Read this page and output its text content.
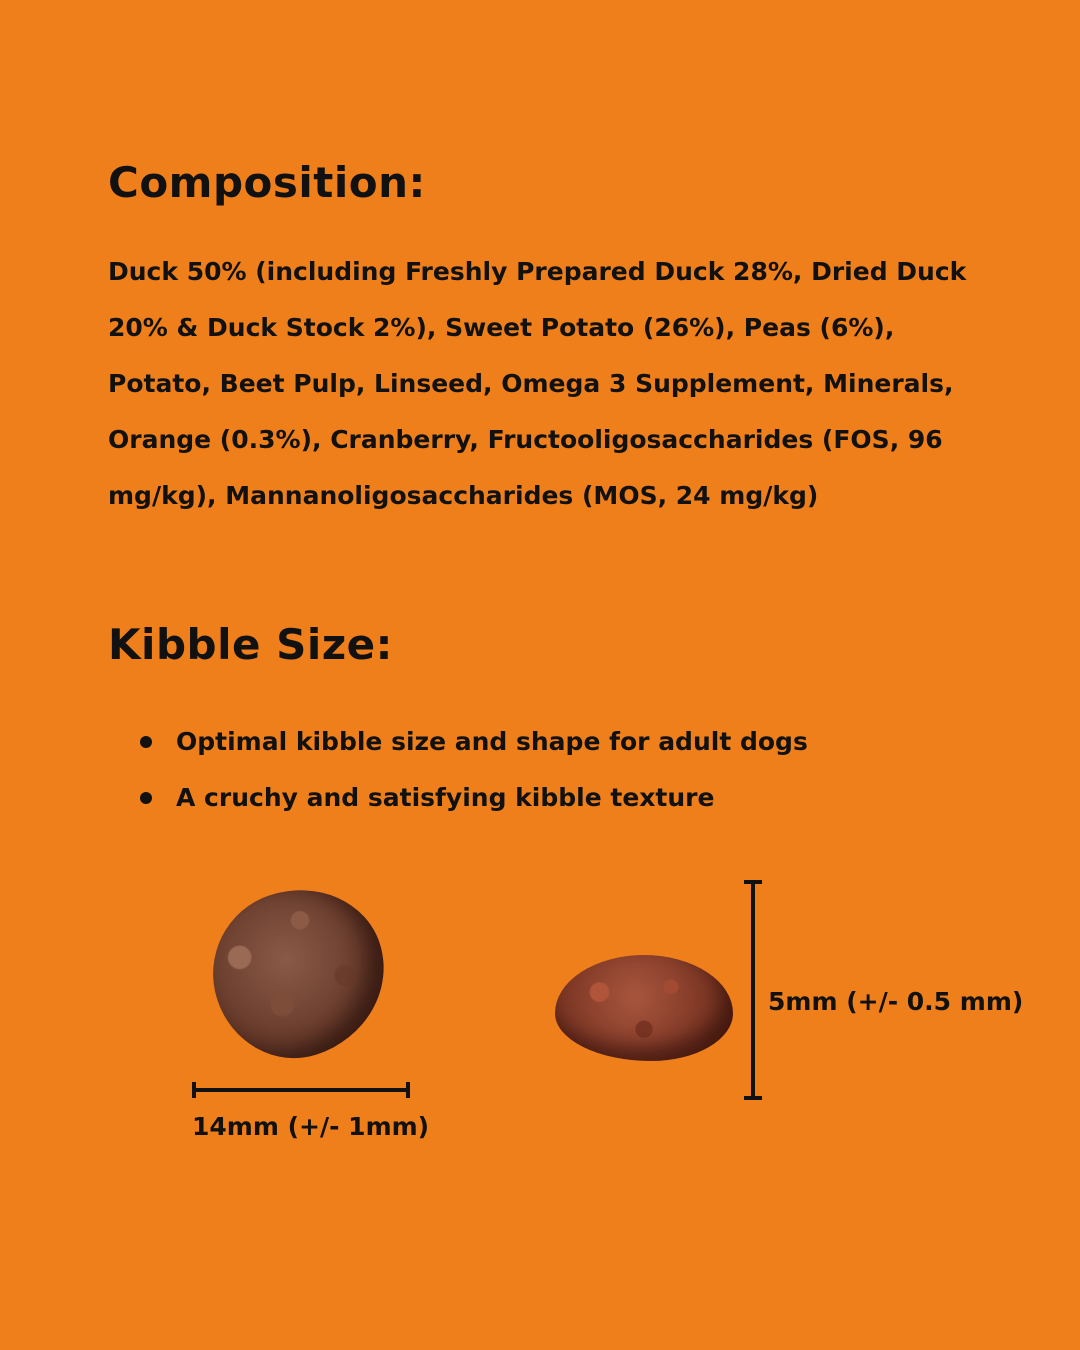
Composition:

Duck 50% (including Freshly Prepared Duck 28%, Dried Duck 20% & Duck Stock 2%), Sweet Potato (26%), Peas (6%), Potato, Beet Pulp, Linseed, Omega 3 Supplement, Minerals, Orange (0.3%), Cranberry, Fructooligosaccharides (FOS, 96 mg/kg), Mannanoligosaccharides (MOS, 24 mg/kg)

Kibble Size:
Optimal kibble size and shape for adult dogs
A cruchy and satisfying kibble texture
14mm (+/- 1mm)
5mm (+/- 0.5 mm)
